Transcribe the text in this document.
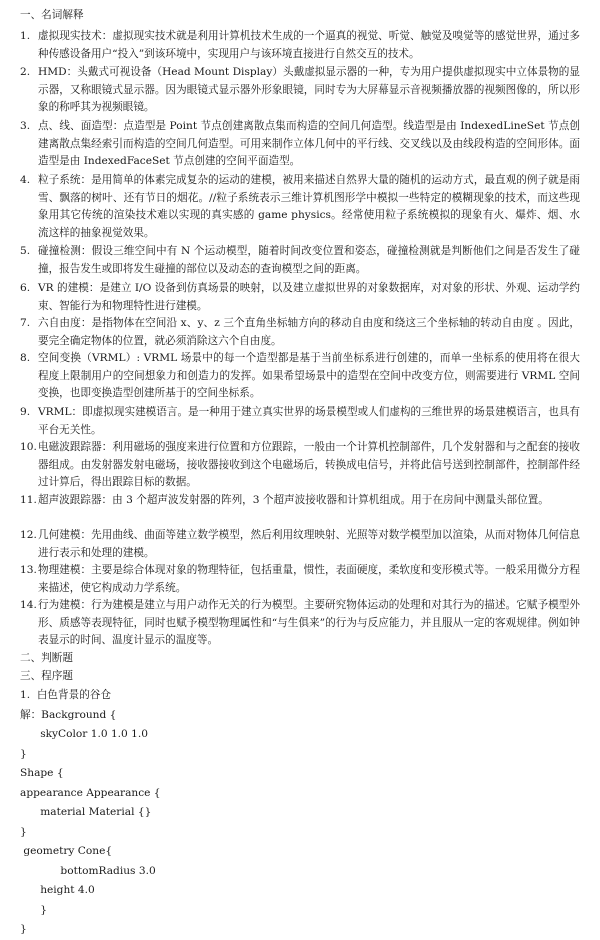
一、名词解释
1. 虚拟现实技术：虚拟现实技术就是利用计算机技术生成的一个逼真的视觉、听觉、触觉及嗅觉等的感觉世界，通过多种传感设备用户“投入”到该环境中，实现用户与该环境直接进行自然交互的技术。
2. HMD：头戴式可视设备（Head Mount Display）头戴虚拟显示器的一种，专为用户提供虚拟现实中立体景物的显示器，又称眼镜式显示器。因为眼镜式显示器外形象眼镜，同时专为大屏幕显示音视频播放器的视频图像的，所以形象的称呼其为视频眼镜。
3. 点、线、面造型：点造型是 Point 节点创建离散点集而构造的空间几何造型。线造型是由 IndexedLineSet 节点创建离散点集经索引而构造的空间几何造型。可用来制作立体几何中的平行线、交叉线以及由线段构造的空间形体。面造型是由 IndexedFaceSet 节点创建的空间平面造型。
4. 粒子系统：是用简单的体素完成复杂的运动的建模，被用来描述自然界大量的随机的运动方式，最直观的例子就是雨雪、飘落的树叶、还有节日的烟花。//粒子系统表示三维计算机图形学中模拟一些特定的模糊现象的技术，而这些现象用其它传统的渲染技术难以实现的真实感的 game physics。经常使用粒子系统模拟的现象有火、爆炸、烟、水流这样的抽象视觉效果。
5. 碰撞检测：假设三维空间中有 N 个运动模型，随着时间改变位置和姿态，碰撞检测就是判断他们之间是否发生了碰撞，报告发生或即将发生碰撞的部位以及动态的查询模型之间的距离。
6. VR 的建模：是建立 I/O 设备到仿真场景的映射，以及建立虚拟世界的对象数据库，对对象的形状、外观、运动学约束、智能行为和物理特性进行建模。
7. 六自由度：是指物体在空间沿 x、y、z 三个直角坐标轴方向的移动自由度和绕这三个坐标轴的转动自由度 。因此，要完全确定物体的位置，就必须消除这六个自由度。
8. 空间变换（VRML）: VRML 场景中的每一个造型都是基于当前坐标系进行创建的，而单一坐标系的使用将在很大程度上限制用户的空间想象力和创造力的发挥。如果希望场景中的造型在空间中改变方位，则需要进行 VRML 空间变换，也即变换造型创建所基于的空间坐标系。
9. VRML：即虚拟现实建模语言。是一种用于建立真实世界的场景模型或人们虚构的三维世界的场景建模语言，也具有平台无关性。
10. 电磁波跟踪器：利用磁场的强度来进行位置和方位跟踪，一般由一个计算机控制部件，几个发射器和与之配套的接收器组成。由发射器发射电磁场，接收器接收到这个电磁场后，转换成电信号，并将此信号送到控制部件，控制部件经过计算后，得出跟踪目标的数据。
11. 超声波跟踪器：由 3 个超声波发射器的阵列，3 个超声波接收器和计算机组成。用于在房间中测量头部位置。
12. 几何建模：先用曲线、曲面等建立数学模型，然后利用纹理映射、光照等对数学模型加以渲染，从而对物体几何信息进行表示和处理的建模。
13. 物理建模：主要是综合体现对象的物理特征，包括重量，惯性，表面硬度，柔软度和变形模式等。一般采用微分方程来描述，使它构成动力学系统。
14. 行为建模：行为建模是建立与用户动作无关的行为模型。主要研究物体运动的处理和对其行为的描述。它赋予模型外形、质感等表现特征，同时也赋予模型物理属性和“与生俱来”的行为与反应能力，并且服从一定的客观规律。例如钟表显示的时间、温度计显示的温度等。
二、判断题
三、程序题
1.  白色背景的谷仓
解：Background {
skyColor 1.0 1.0 1.0
}
Shape {
appearance Appearance {
material Material {}
}
geometry Cone{
bottomRadius 3.0
height 4.0
}
}
